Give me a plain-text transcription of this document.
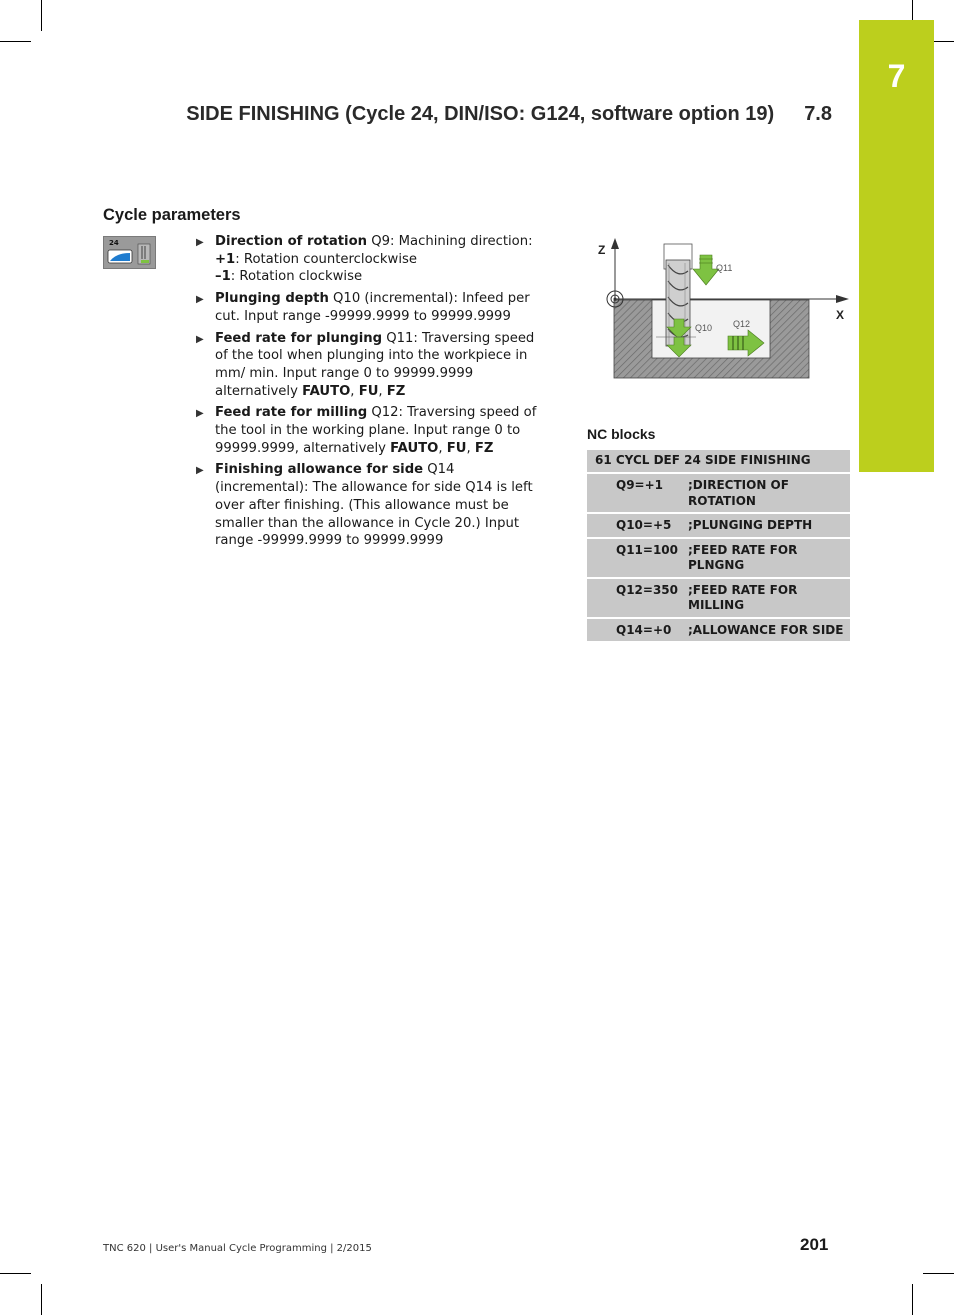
7
SIDE FINISHING (Cycle 24, DIN/ISO: G124, software option 19) 7.8
Cycle parameters
24	▶ Direction of rotation Q9: Machining direction:
+1: Rotation counterclockwise
–1: Rotation clockwise
▶ Plunging depth Q10 (incremental): Infeed per cut. Input range -99999.9999 to 99999.9999
▶ Feed rate for plunging Q11: Traversing speed of the tool when plunging into the workpiece in mm/ min. Input range 0 to 99999.9999 alternatively FAUTO, FU, FZ
▶ Feed rate for milling Q12: Traversing speed of the tool in the working plane. Input range 0 to 99999.9999, alternatively FAUTO, FU, FZ
▶ Finishing allowance for side Q14 (incremental): The allowance for side Q14 is left over after finishing. (This allowance must be smaller than the allowance in Cycle 20.) Input range -99999.9999 to 99999.9999
Z
X
Q11
Q10 Q12
NC blocks
61 CYCL DEF 24 SIDE FINISHING
Q9=+1 ;DIRECTION OF ROTATION
Q10=+5 ;PLUNGING DEPTH
Q11=100 ;FEED RATE FOR PLNGNG
Q12=350 ;FEED RATE FOR MILLING
Q14=+0 ;ALLOWANCE FOR SIDE
TNC 620 | User's Manual Cycle Programming | 2/2015	201
